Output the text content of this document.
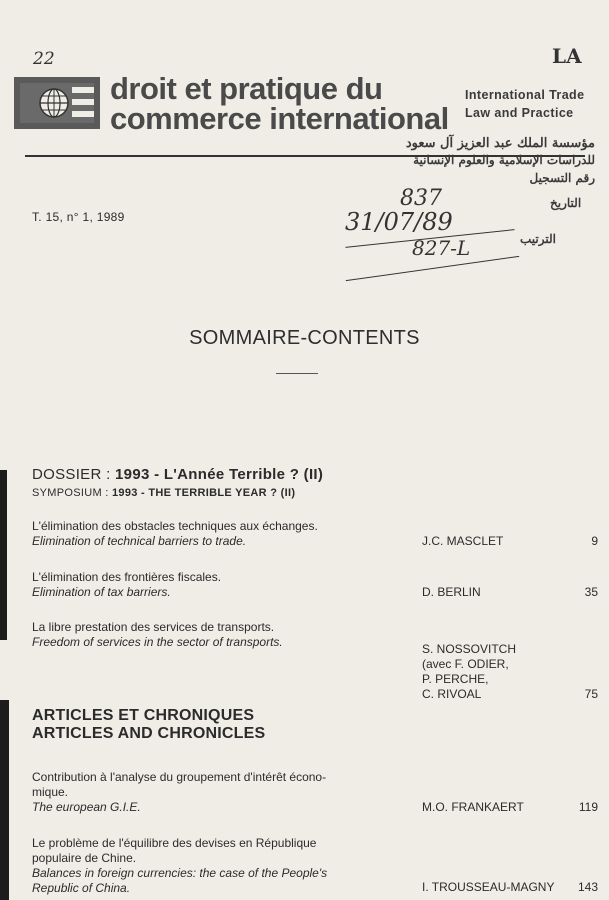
22	LA
droit et pratique du
commerce international
International Trade
Law and Practice
مؤسسة الملك عبد العزيز آل سعود
للدراسات الإسلامية والعلوم الإنسانية
رقم التسجيل
التاريخ
الترتيب
837
31/07/89
827-L
T. 15, n° 1, 1989
SOMMAIRE-CONTENTS
DOSSIER : 1993 - L'Année Terrible ? (II)
SYMPOSIUM : 1993 - THE TERRIBLE YEAR ? (II)
L'élimination des obstacles techniques aux échanges.
Elimination of technical barriers to trade.	J.C. MASCLET	9
L'élimination des frontières fiscales.
Elimination of tax barriers.	D. BERLIN	35
La libre prestation des services de transports.
Freedom of services in the sector of transports.	S. NOSSOVITCH
(avec F. ODIER,
P. PERCHE,
C. RIVOAL	75
ARTICLES ET CHRONIQUES
ARTICLES AND CHRONICLES
Contribution à l'analyse du groupement d'intérêt écono-
mique.
The european G.I.E.	M.O. FRANKAERT	119
Le problème de l'équilibre des devises en République
populaire de Chine.
Balances in foreign currencies: the case of the People's
Republic of China.	I. TROUSSEAU-MAGNY	143
